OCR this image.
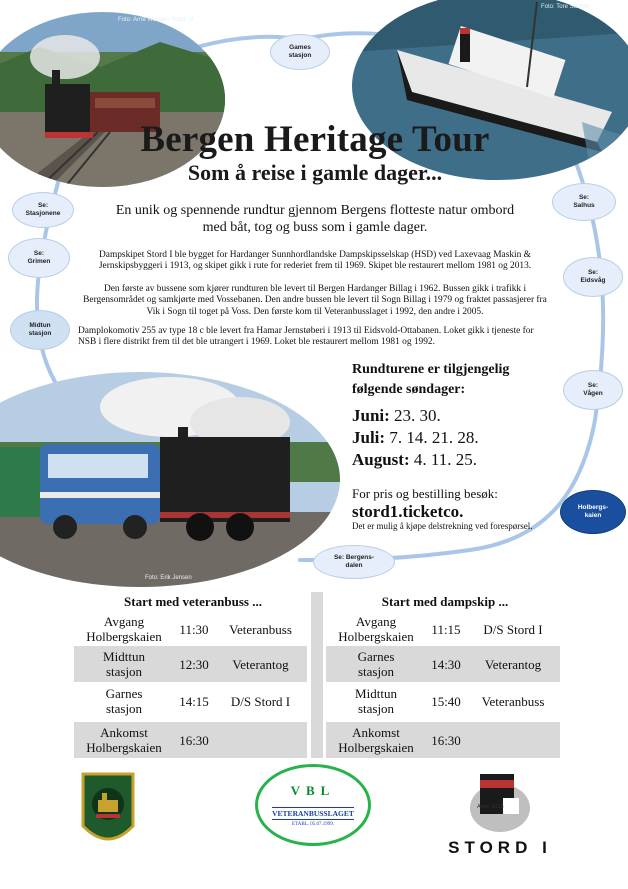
Foto: Arne Wangen Sudd...d
Foto: Tore Sæthre
Foto: Erik Jensen
Games
stasjon
Se:
Stasjonene
Se:
Salhus
Se:
Grimen
Se:
Eidsvåg
Midtun
stasjon
Se:
Vågen
Holbergs-
kaien
Se: Bergens-
dalen
Bergen Heritage Tour
Som å reise i gamle dager...
En unik og spennende rundtur gjennom Bergens flotteste natur ombord med båt, tog og buss som i gamle dager.
Dampskipet Stord I ble bygget for Hardanger Sunnhordlandske Dampskipsselskap (HSD) ved Laxevaag Maskin & Jernskipsbyggeri i 1913, og skipet gikk i rute for rederiet frem til 1969. Skipet ble restaurert mellom 1981 og 2013.
Den første av bussene som kjører rundturen ble levert til Bergen Hardanger Billag i 1962. Bussen gikk i trafikk i Bergensområdet og samkjørte med Vossebanen. Den andre bussen ble levert til Sogn Billag i 1979 og fraktet passasjerer fra Vik i Sogn til toget på Voss. Den første kom til Veteranbusslaget i 1992, den andre i 2005.
Damplokomotiv 255 av type 18 c ble levert fra Hamar Jernstøberi i 1913 til Eidsvold-Ottabanen. Loket gikk i tjeneste for NSB i flere distrikt frem til det ble utrangert i 1969. Loket ble restaurert mellom 1981 og 1992.
Rundturene er tilgjengelig
følgende søndager:
Juni: 23. 30.
Juli: 7. 14. 21. 28.
August: 4. 11. 25.
For pris og bestilling besøk:
stord1.ticketco.
Det er mulig å kjøpe delstrekning ved forespørsel.
Start med veteranbuss ...	Start med dampskip ...
Avgang
Holbergskaien	11:30	Veteranbuss
Midttun
stasjon	12:30	Veterantog
Garnes
stasjon	14:15	D/S Stord I
Ankomst
Holbergskaien	16:30
Avgang
Holbergskaien	11:15	D/S Stord I
Garnes
stasjon	14:30	Veterantog
Midttun
stasjon	15:40	Veteranbuss
Ankomst
Holbergskaien	16:30
VBL
VETERANBUSSLAGET
ETABL. 05.07.1999.
Anno 1913
STORD I
